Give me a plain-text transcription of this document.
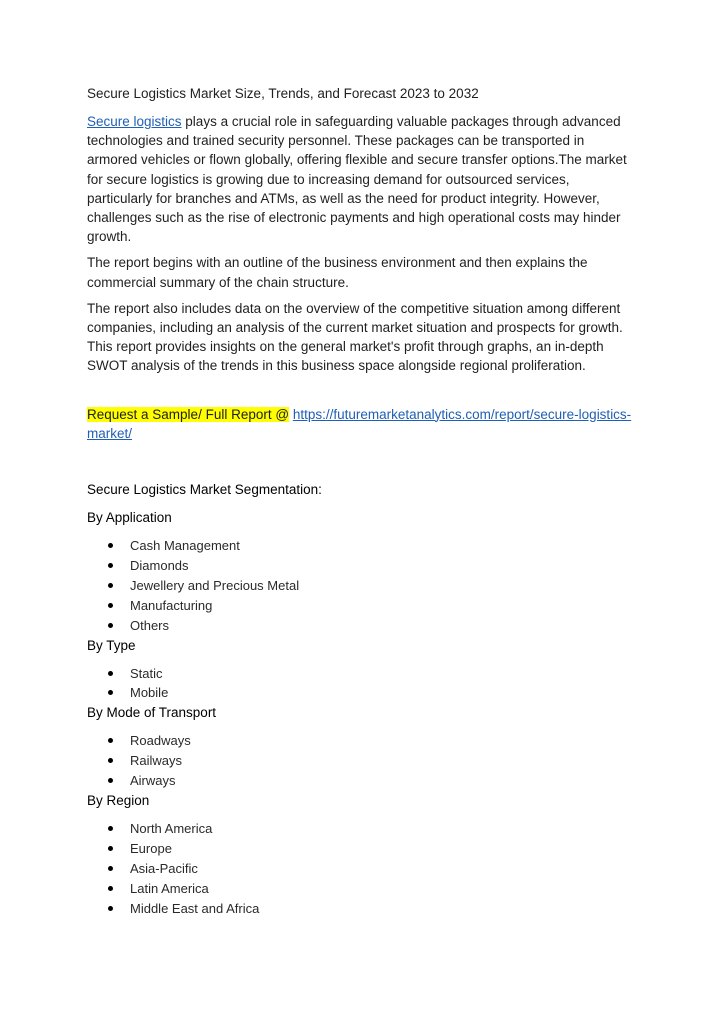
Secure Logistics Market Size, Trends, and Forecast 2023 to 2032

Secure logistics plays a crucial role in safeguarding valuable packages through advanced technologies and trained security personnel. These packages can be transported in armored vehicles or flown globally, offering flexible and secure transfer options.The market for secure logistics is growing due to increasing demand for outsourced services, particularly for branches and ATMs, as well as the need for product integrity. However, challenges such as the rise of electronic payments and high operational costs may hinder growth.

The report begins with an outline of the business environment and then explains the commercial summary of the chain structure.

The report also includes data on the overview of the competitive situation among different companies, including an analysis of the current market situation and prospects for growth. This report provides insights on the general market's profit through graphs, an in-depth SWOT analysis of the trends in this business space alongside regional proliferation.

Request a Sample/ Full Report @ https://futuremarketanalytics.com/report/secure-logistics-market/
Secure Logistics Market Segmentation:
By Application
Cash Management
Diamonds
Jewellery and Precious Metal
Manufacturing
Others
By Type
Static
Mobile
By Mode of Transport
Roadways
Railways
Airways
By Region
North America
Europe
Asia-Pacific
Latin America
Middle East and Africa
